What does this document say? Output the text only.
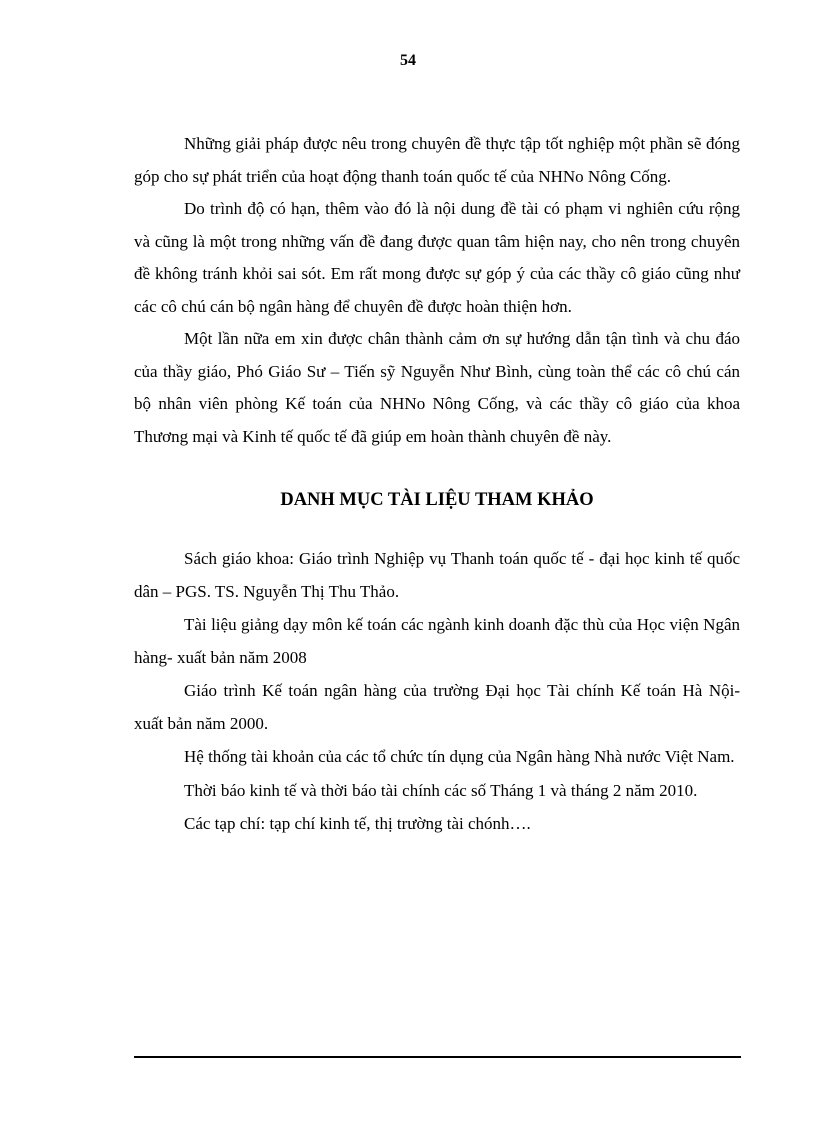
54

Những giải pháp được nêu trong chuyên đề thực tập tốt nghiệp một phần sẽ đóng góp cho sự phát triển của hoạt động thanh toán quốc tế của NHNo Nông Cống.

Do trình độ có hạn, thêm vào đó là nội dung đề tài có phạm vi nghiên cứu rộng và cũng là một trong những vấn đề đang được quan tâm hiện nay, cho nên trong chuyên đề không tránh khỏi sai sót. Em rất mong được sự góp ý của các thầy cô giáo cũng như các cô chú cán bộ ngân hàng để chuyên đề được hoàn thiện hơn.

Một lần nữa em xin được chân thành cảm ơn sự hướng dẫn tận tình và chu đáo của thầy giáo, Phó Giáo Sư – Tiến sỹ Nguyễn Như Bình, cùng toàn thể các cô chú cán bộ nhân viên phòng Kế toán của NHNo Nông Cống, và các thầy cô giáo của khoa Thương mại và Kinh tế quốc tế đã giúp em hoàn thành chuyên đề này.

DANH MỤC TÀI LIỆU THAM KHẢO

Sách giáo khoa: Giáo trình Nghiệp vụ Thanh toán quốc tế - đại học kinh tế quốc dân – PGS. TS. Nguyễn Thị Thu Thảo.

Tài liệu giảng dạy môn kế toán các ngành kinh doanh đặc thù của Học viện Ngân hàng- xuất bản năm 2008

Giáo trình Kế toán ngân hàng của trường Đại học Tài chính Kế toán Hà Nội- xuất bản năm 2000.

Hệ thống tài khoản của các tổ chức tín dụng của Ngân hàng Nhà nước Việt Nam.

Thời báo kinh tế và thời báo tài chính các số Tháng 1 và tháng 2 năm 2010.

Các tạp chí: tạp chí kinh tế, thị trường tài chónh….
